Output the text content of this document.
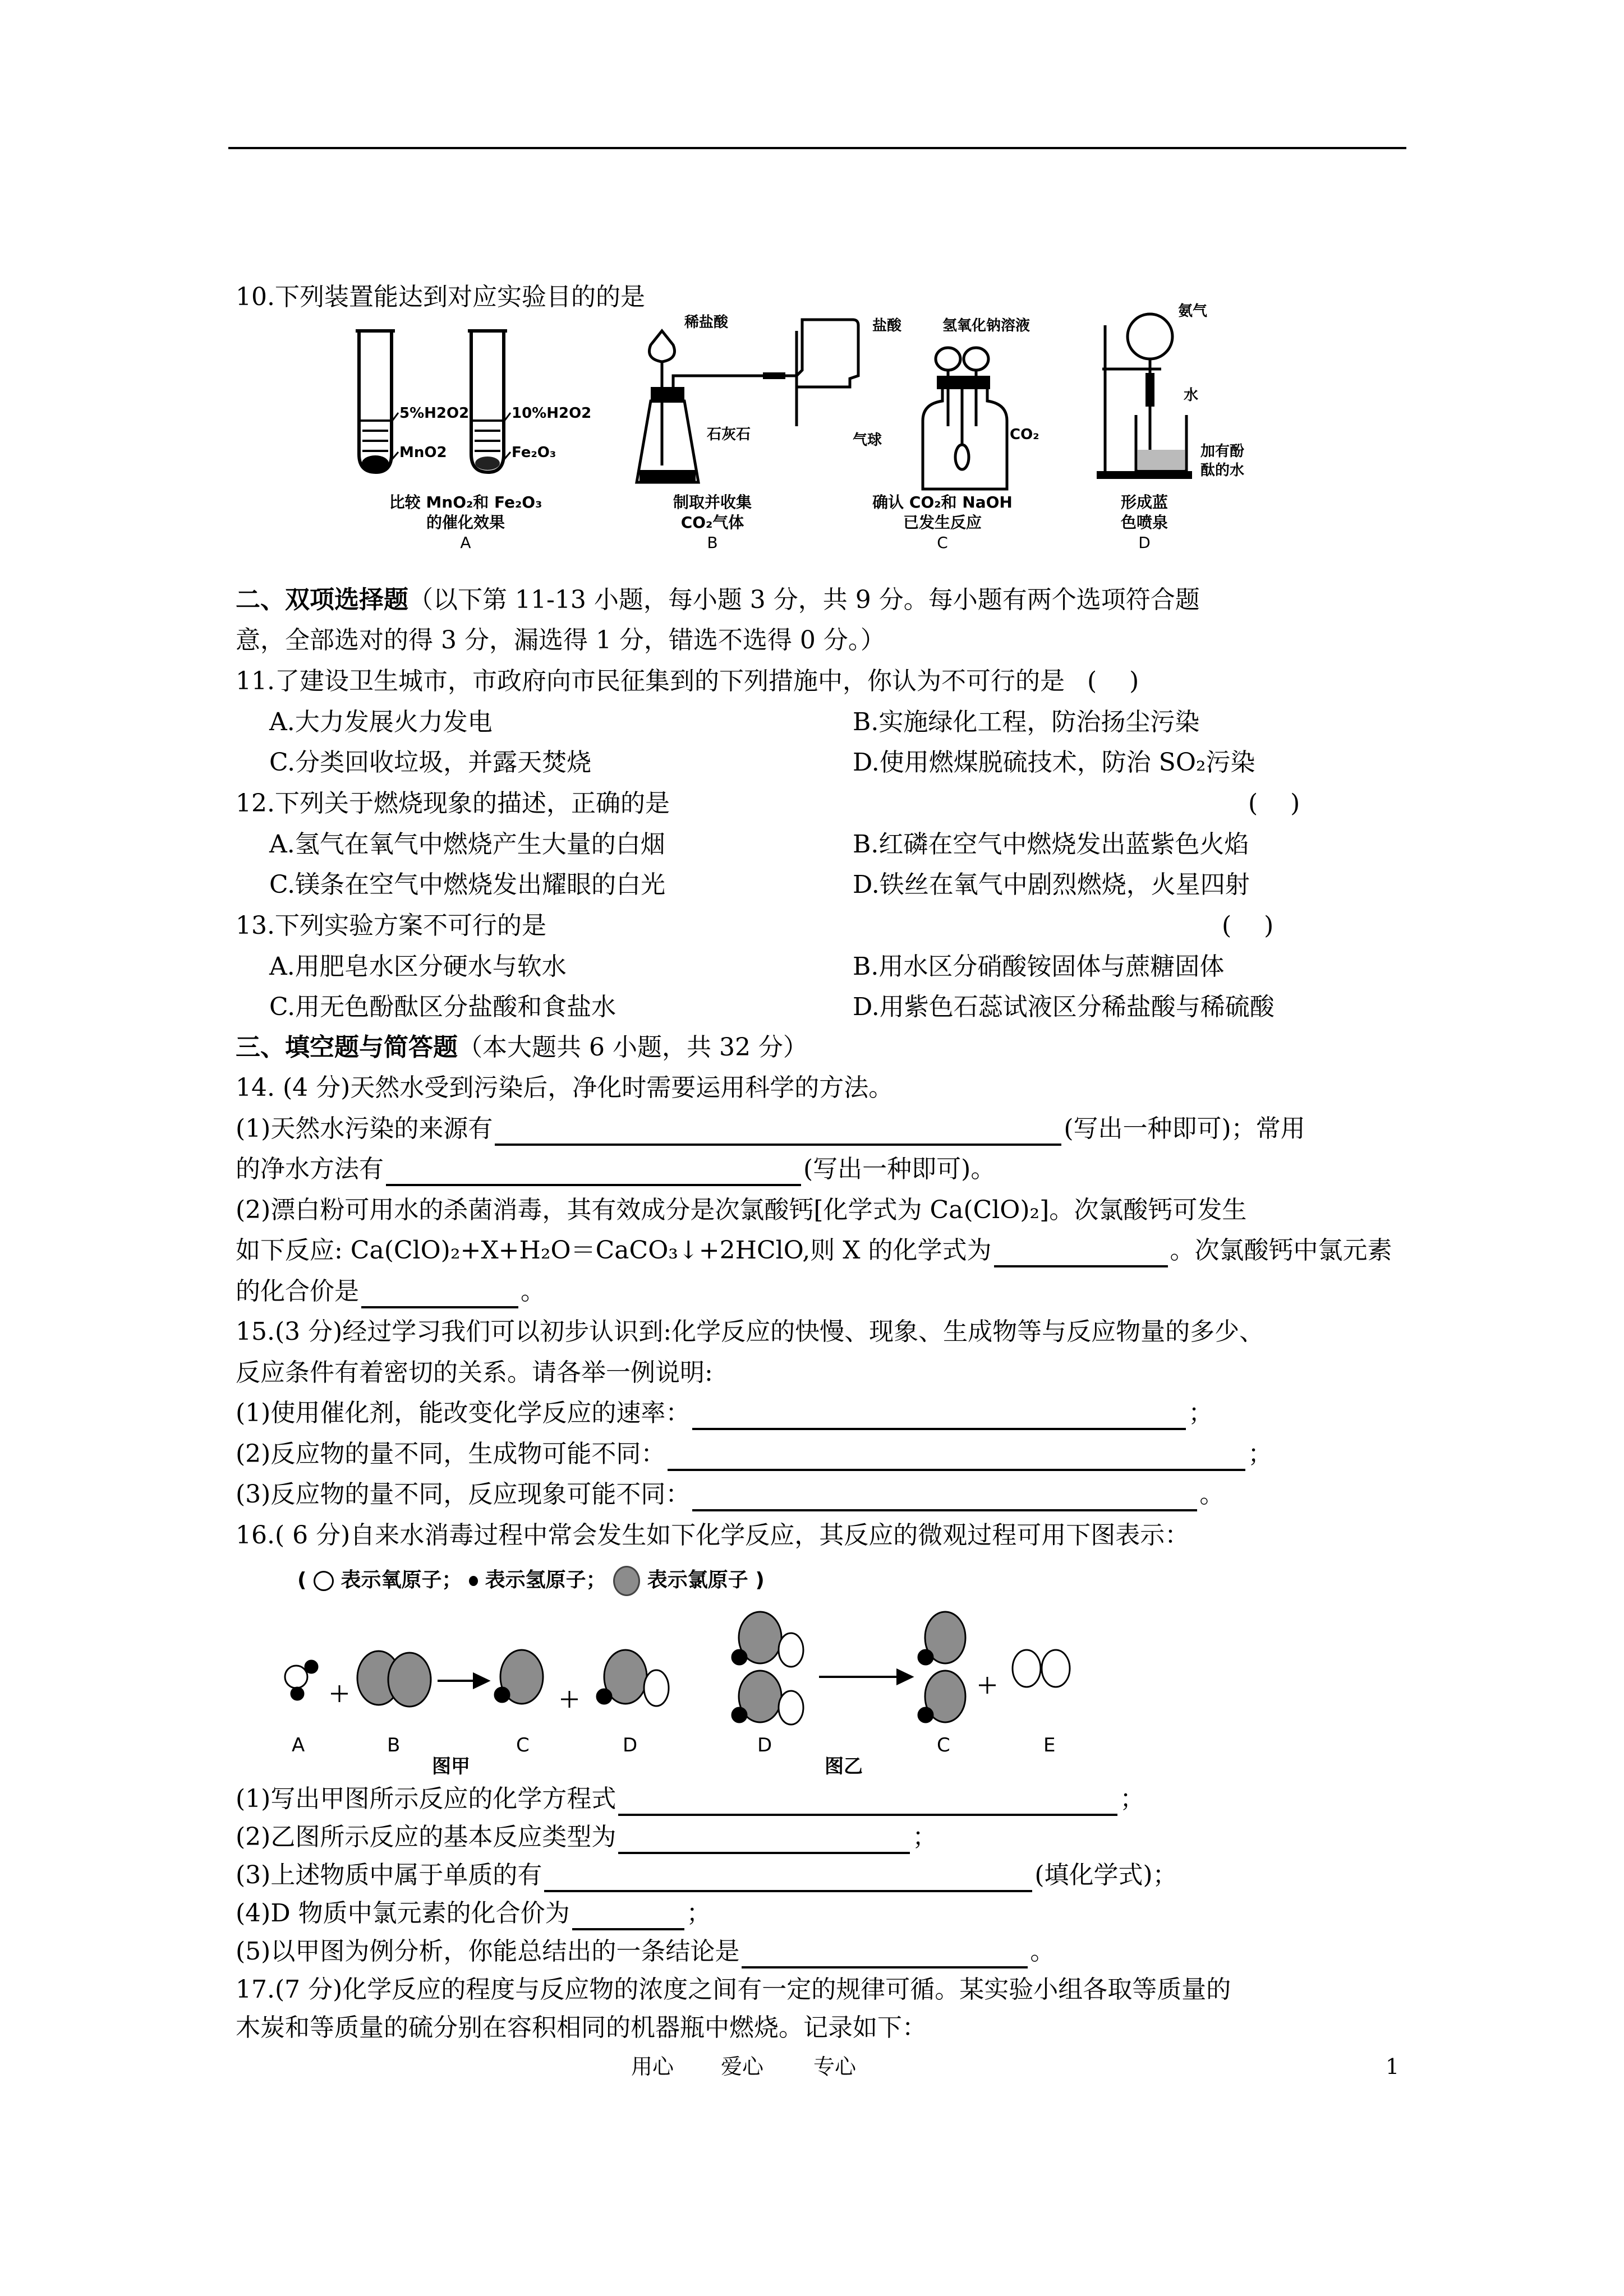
10.下列装置能达到对应实验目的的是
5%H2O2	10%H2O2
MnO2	Fe₂O₃
比较 MnO₂和 Fe₂O₃
的催化效果
A
稀盐酸
石灰石
制取并收集
CO₂气体
B
盐酸	氢氧化钠溶液
气球	CO₂
确认 CO₂和 NaOH
已发生反应
C
氨气
水
加有酚
酞的水
形成蓝
色喷泉
D
二、双项选择题（以下第 11-13 小题，每小题 3 分，共 9 分。每小题有两个选项符合题
意，全部选对的得 3 分，漏选得 1 分，错选不选得 0 分。）
11.了建设卫生城市，市政府向市民征集到的下列措施中，你认为不可行的是 (　 )
A.大力发展火力发电	B.实施绿化工程，防治扬尘污染
C.分类回收垃圾，并露天焚烧	D.使用燃煤脱硫技术，防治 SO₂污染
12.下列关于燃烧现象的描述，正确的是	(　 )
A.氢气在氧气中燃烧产生大量的白烟	B.红磷在空气中燃烧发出蓝紫色火焰
C.镁条在空气中燃烧发出耀眼的白光	D.铁丝在氧气中剧烈燃烧，火星四射
13.下列实验方案不可行的是	(　 )
A.用肥皂水区分硬水与软水	B.用水区分硝酸铵固体与蔗糖固体
C.用无色酚酞区分盐酸和食盐水	D.用紫色石蕊试液区分稀盐酸与稀硫酸
三、填空题与简答题（本大题共 6 小题，共 32 分）
14. (4 分)天然水受到污染后，净化时需要运用科学的方法。
(1)天然水污染的来源有	(写出一种即可)；常用
的净水方法有	(写出一种即可)。
(2)漂白粉可用水的杀菌消毒，其有效成分是次氯酸钙[化学式为 Ca(ClO)₂]。次氯酸钙可发生
如下反应: Ca(ClO)₂+X+H₂O＝CaCO₃↓+2HClO,则 X 的化学式为	。次氯酸钙中氯元素
的化合价是	。
15.(3 分)经过学习我们可以初步认识到:化学反应的快慢、现象、生成物等与反应物量的多少、
反应条件有着密切的关系。请各举一例说明:
(1)使用催化剂，能改变化学反应的速率：	；
(2)反应物的量不同，生成物可能不同：	；
(3)反应物的量不同，反应现象可能不同：	。
16.( 6 分)自来水消毒过程中常会发生如下化学反应，其反应的微观过程可用下图表示：
( 表示氧原子； 表示氢原子； 表示氯原子 )
A	B	C	D	D	C	E
图甲	图乙
(1)写出甲图所示反应的化学方程式	；
(2)乙图所示反应的基本反应类型为	；
(3)上述物质中属于单质的有	(填化学式)；
(4)D 物质中氯元素的化合价为	；
(5)以甲图为例分析，你能总结出的一条结论是	。
17.(7 分)化学反应的程度与反应物的浓度之间有一定的规律可循。某实验小组各取等质量的
木炭和等质量的硫分别在容积相同的机器瓶中燃烧。记录如下：
用心 爱心 专心	1
